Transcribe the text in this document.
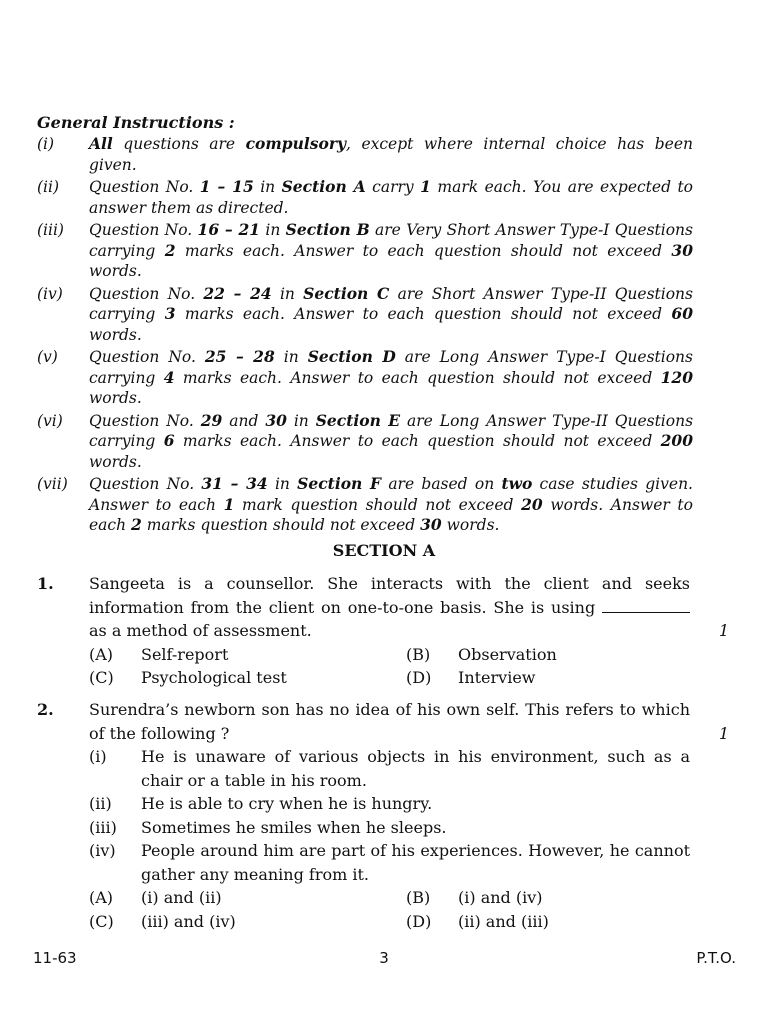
General Instructions :
(i)	All questions are compulsory, except where internal choice has been given.
(ii)	Question No. 1 – 15 in Section A carry 1 mark each. You are expected to answer them as directed.
(iii)	Question No. 16 – 21 in Section B are Very Short Answer Type-I Questions carrying 2 marks each. Answer to each question should not exceed 30 words.
(iv)	Question No. 22 – 24 in Section C are Short Answer Type-II Questions carrying 3 marks each. Answer to each question should not exceed 60 words.
(v)	Question No. 25 – 28 in Section D are Long Answer Type-I Questions carrying 4 marks each. Answer to each question should not exceed 120 words.
(vi)	Question No. 29 and 30 in Section E are Long Answer Type-II Questions carrying 6 marks each. Answer to each question should not exceed 200 words.
(vii)	Question No. 31 – 34 in Section F are based on two case studies given. Answer to each 1 mark question should not exceed 20 words. Answer to each 2 marks question should not exceed 30 words.
SECTION A
1.
1
Sangeeta is a counsellor. She interacts with the client and seeks information from the client on one-to-one basis. She is using  as a method of assessment.
(A) Self-report	(B) Observation
(C) Psychological test	(D) Interview
2.
1
Surendra’s newborn son has no idea of his own self. This refers to which of the following ?
(i)	He is unaware of various objects in his environment, such as a chair or a table in his room.
(ii)	He is able to cry when he is hungry.
(iii)	Sometimes he smiles when he sleeps.
(iv)	People around him are part of his experiences. However, he cannot gather any meaning from it.
(A) (i) and (ii)	(B) (i) and (iv)
(C) (iii) and (iv)	(D) (ii) and (iii)
11-63	3	P.T.O.
